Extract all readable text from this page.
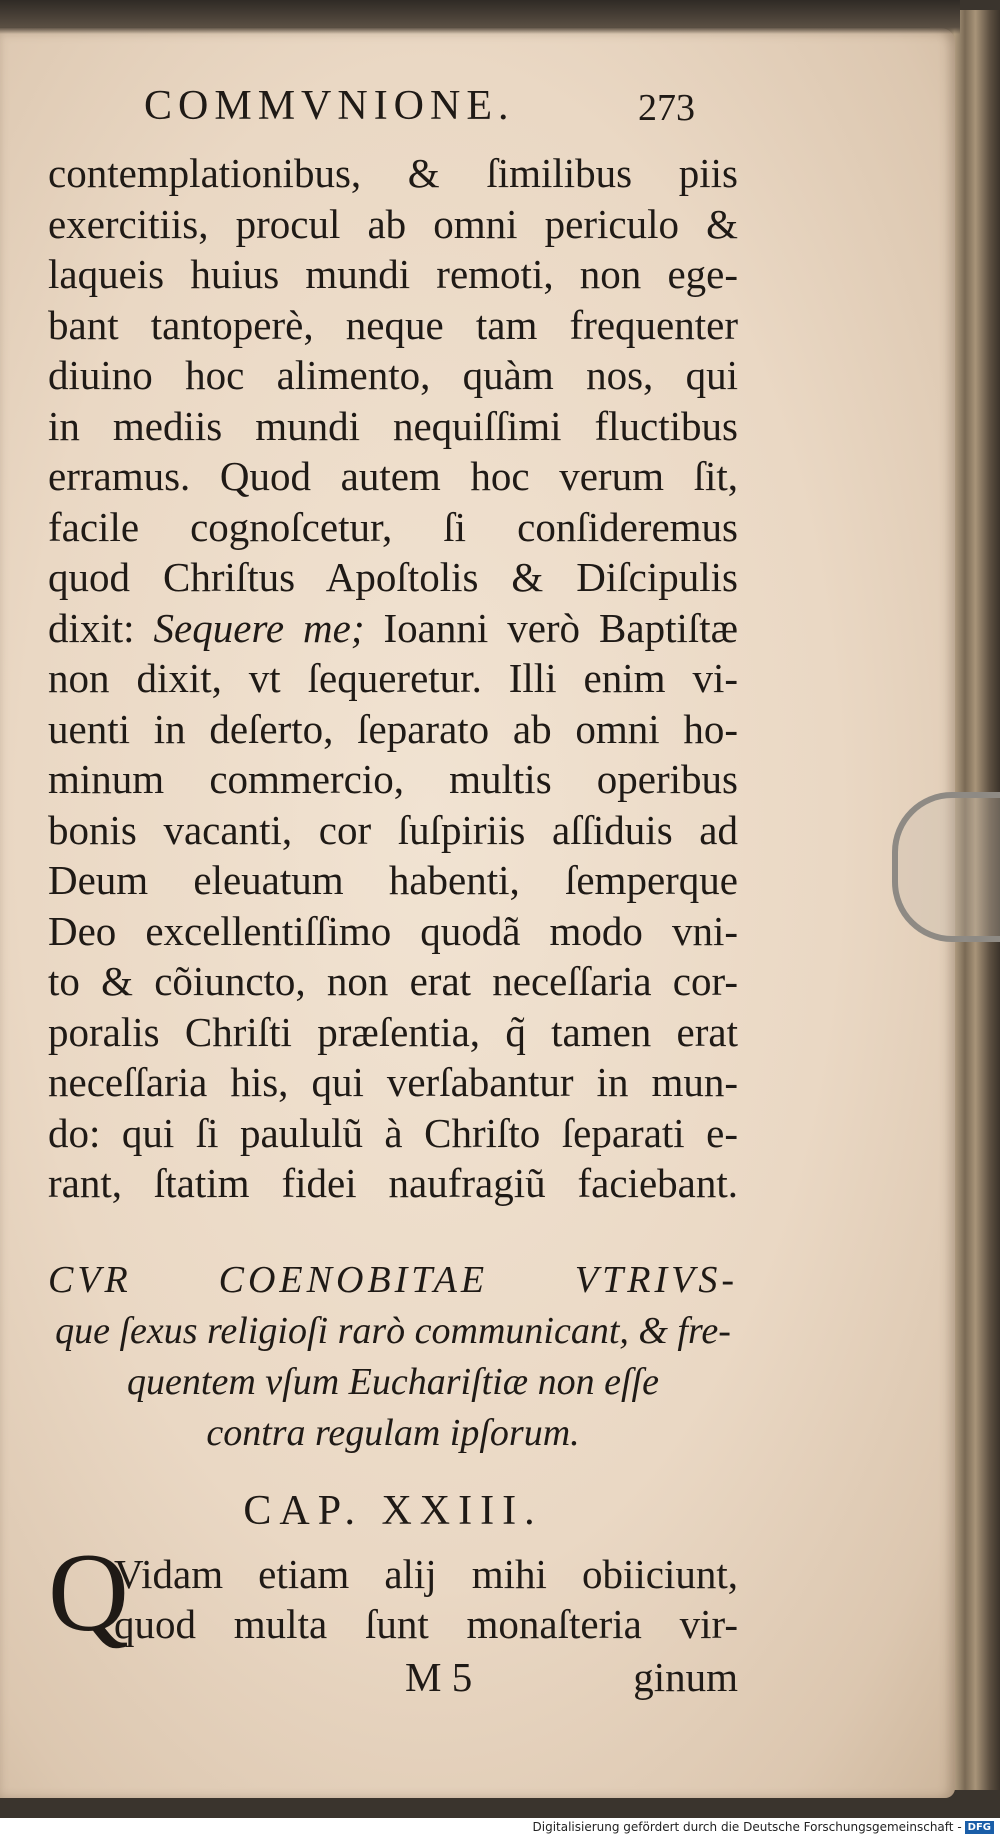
COMMVNIONE.	273
contemplationibus, & ſimilibus piis
exercitiis, procul ab omni periculo &
laqueis huius mundi remoti, non ege-
bant tantoperè, neque tam frequenter
diuino hoc alimento, quàm nos, qui
in mediis mundi nequiſſimi fluctibus
erramus. Quod autem hoc verum ſit,
facile cognoſcetur, ſi conſideremus
quod Chriſtus Apoſtolis & Diſcipulis
dixit: Sequere me; Ioanni verò Baptiſtæ
non dixit, vt ſequeretur. Illi enim vi-
uenti in deſerto, ſeparato ab omni ho-
minum commercio, multis operibus
bonis vacanti, cor ſuſpiriis aſſiduis ad
Deum eleuatum habenti, ſemperque
Deo excellentiſſimo quodã modo vni-
to & cõiuncto, non erat neceſſaria cor-
poralis Chriſti præſentia, q̃ tamen erat
neceſſaria his, qui verſabantur in mun-
do: qui ſi paululũ à Chriſto ſeparati e-
rant, ſtatim fidei naufragiũ faciebant.
CVR COENOBITAE VTRIVS-
que ſexus religioſi rarò communicant, & fre-
quentem vſum Euchariſtiæ non eſſe
contra regulam ipſorum.
CAP. XXIII.
Q
Vidam etiam alij mihi obiiciunt,
quod multa ſunt monaſteria vir-
M 5	ginum
Digitalisierung gefördert durch die Deutsche Forschungsgemeinschaft - DFG
